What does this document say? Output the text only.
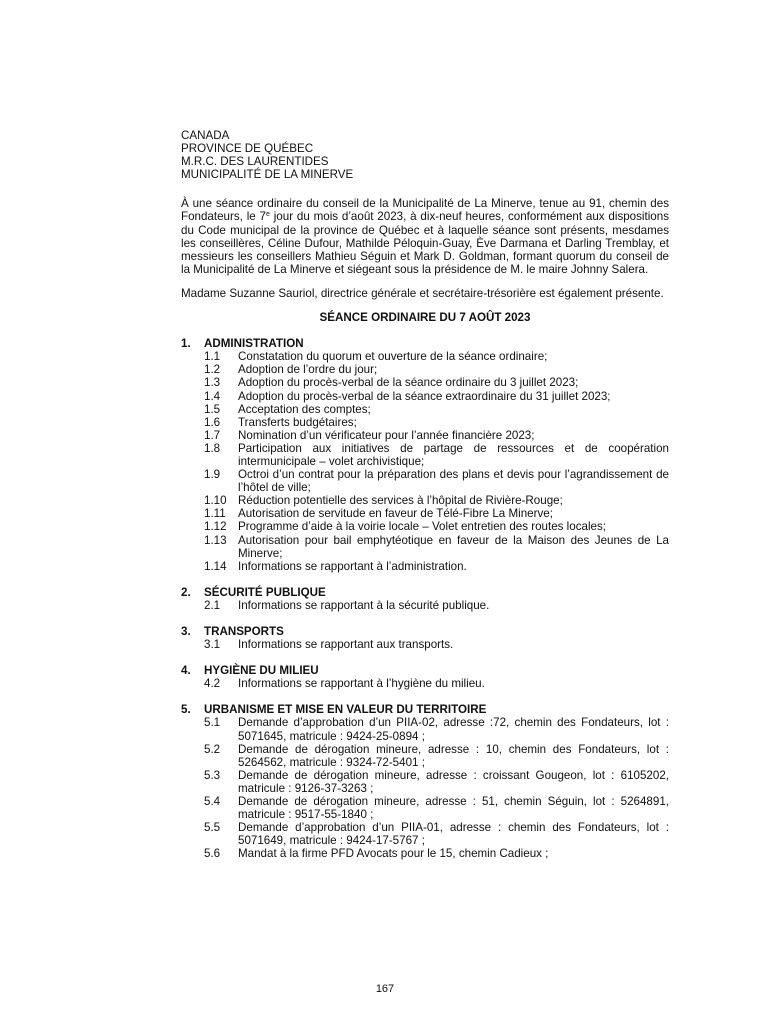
CANADA
PROVINCE DE QUÉBEC
M.R.C. DES LAURENTIDES
MUNICIPALITÉ DE LA MINERVE

À une séance ordinaire du conseil de la Municipalité de La Minerve, tenue au 91, chemin des Fondateurs, le 7e jour du mois d’août 2023, à dix-neuf heures, conformément aux dispositions du Code municipal de la province de Québec et à laquelle séance sont présents, mesdames les conseillères, Céline Dufour, Mathilde Péloquin-Guay, Ève Darmana et Darling Tremblay, et messieurs les conseillers Mathieu Séguin et Mark D. Goldman, formant quorum du conseil de la Municipalité de La Minerve et siégeant sous la présidence de M. le maire Johnny Salera.

Madame Suzanne Sauriol, directrice générale et secrétaire-trésorière est également présente.

SÉANCE ORDINAIRE DU 7 AOÛT 2023
1.	ADMINISTRATION
1.1	Constatation du quorum et ouverture de la séance ordinaire;
1.2	Adoption de l’ordre du jour;
1.3	Adoption du procès-verbal de la séance ordinaire du 3 juillet 2023;
1.4	Adoption du procès-verbal de la séance extraordinaire du 31 juillet 2023;
1.5	Acceptation des comptes;
1.6	Transferts budgétaires;
1.7	Nomination d’un vérificateur pour l’année financière 2023;
1.8	Participation aux initiatives de partage de ressources et de coopération intermunicipale – volet archivistique;
1.9	Octroi d’un contrat pour la préparation des plans et devis pour l’agrandissement de l’hôtel de ville;
1.10 Réduction potentielle des services à l’hôpital de Rivière-Rouge;
1.11	Autorisation de servitude en faveur de Télé-Fibre La Minerve;
1.12 Programme d’aide à la voirie locale – Volet entretien des routes locales;
1.13 Autorisation pour bail emphytéotique en faveur de la Maison des Jeunes de La Minerve;
1.14 Informations se rapportant à l’administration.
2.	SÉCURITÉ PUBLIQUE
2.1	Informations se rapportant à la sécurité publique.
3.	TRANSPORTS
3.1	Informations se rapportant aux transports.
4.	HYGIÈNE DU MILIEU
4.2	Informations se rapportant à l’hygiène du milieu.
5.	URBANISME ET MISE EN VALEUR DU TERRITOIRE
5.1	Demande d’approbation d’un PIIA-02, adresse :72, chemin des Fondateurs, lot : 5071645, matricule : 9424-25-0894 ;
5.2	Demande de dérogation mineure, adresse : 10, chemin des Fondateurs, lot : 5264562, matricule : 9324-72-5401 ;
5.3	Demande de dérogation mineure, adresse : croissant Gougeon, lot : 6105202, matricule : 9126-37-3263 ;
5.4	Demande de dérogation mineure, adresse : 51, chemin Séguin, lot : 5264891, matricule : 9517-55-1840 ;
5.5	Demande d’approbation d’un PIIA-01, adresse : chemin des Fondateurs, lot : 5071649, matricule : 9424-17-5767 ;
5.6	Mandat à la firme PFD Avocats pour le 15, chemin Cadieux ;
167
